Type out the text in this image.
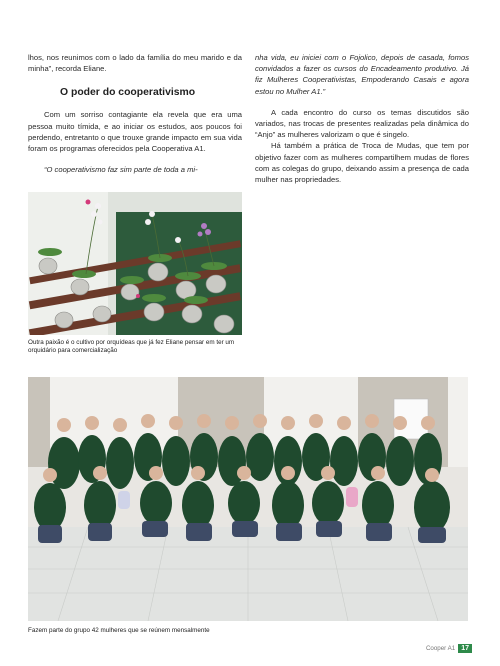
lhos, nos reunimos com o lado da família do meu marido e da minha”, recorda Eliane.

O poder do cooperativismo

Com um sorriso contagiante ela revela que era uma pessoa muito tímida, e ao iniciar os estudos, aos poucos foi perdendo, entretanto o que trouxe grande impacto em sua vida foram os programas oferecidos pela Cooperativa A1.

“O cooperativismo faz sim parte de toda a mi-

nha vida, eu iniciei com o Fojolico, depois de casada, fomos convidados a fazer os cursos do Encadeamento produtivo. Já fiz Mulheres Cooperativistas, Empoderando Casais e agora estou no Mulher A1.”

A cada encontro do curso os temas discutidos são variados, nas trocas de presentes realizadas pela dinâmica do “Anjo” as mulheres valorizam o que é singelo.

Há também a prática de Troca de Mudas, que tem por objetivo fazer com as mulheres compartilhem mudas de flores com as colegas do grupo, deixando assim a presença de cada mulher nas propriedades.

Outra paixão é o cultivo por orquídeas que já fez Eliane pensar em ter um orquidário para comercialização
Fazem parte do grupo 42 mulheres que se reúnem mensalmente
Cooper A1 17
